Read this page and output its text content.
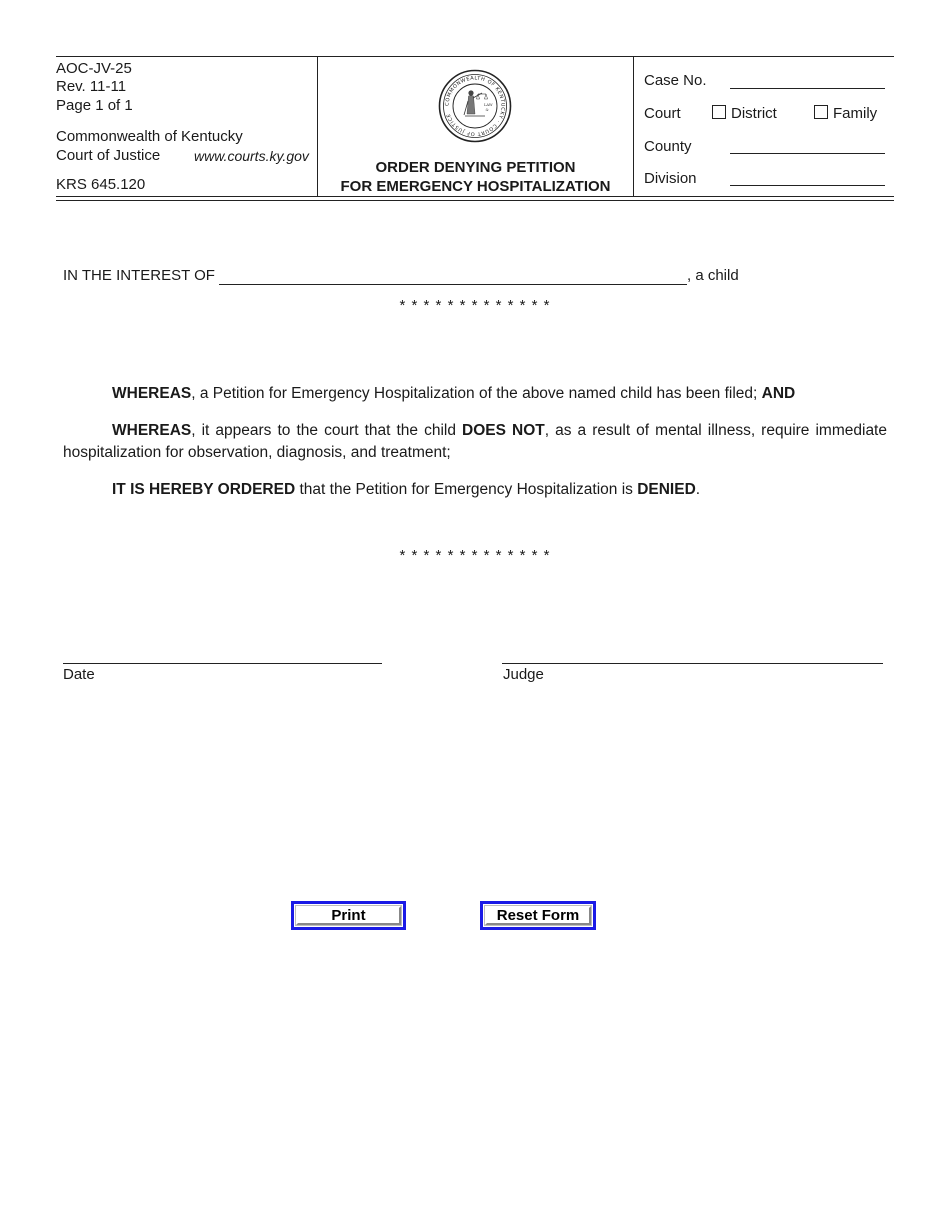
AOC-JV-25
Rev. 11-11
Page 1 of 1
Commonwealth of Kentucky
Court of Justice www.courts.ky.gov
KRS 645.120
COMMONWEALTH OF KENTUCKY · COURT OF JUSTICE
LAW
&
ORDER DENYING PETITION
FOR EMERGENCY HOSPITALIZATION
Case No.
Court	District	Family
County
Division
IN THE INTEREST OF	, a child
* * * * * * * * * * * * *
WHEREAS, a Petition for Emergency Hospitalization of the above named child has been filed; AND
WHEREAS, it appears to the court that the child DOES NOT, as a result of mental illness, require immediate hospitalization for observation, diagnosis, and treatment;
IT IS HEREBY ORDERED that the Petition for Emergency Hospitalization is DENIED.
* * * * * * * * * * * * *
Date	Judge
Print	Reset Form
